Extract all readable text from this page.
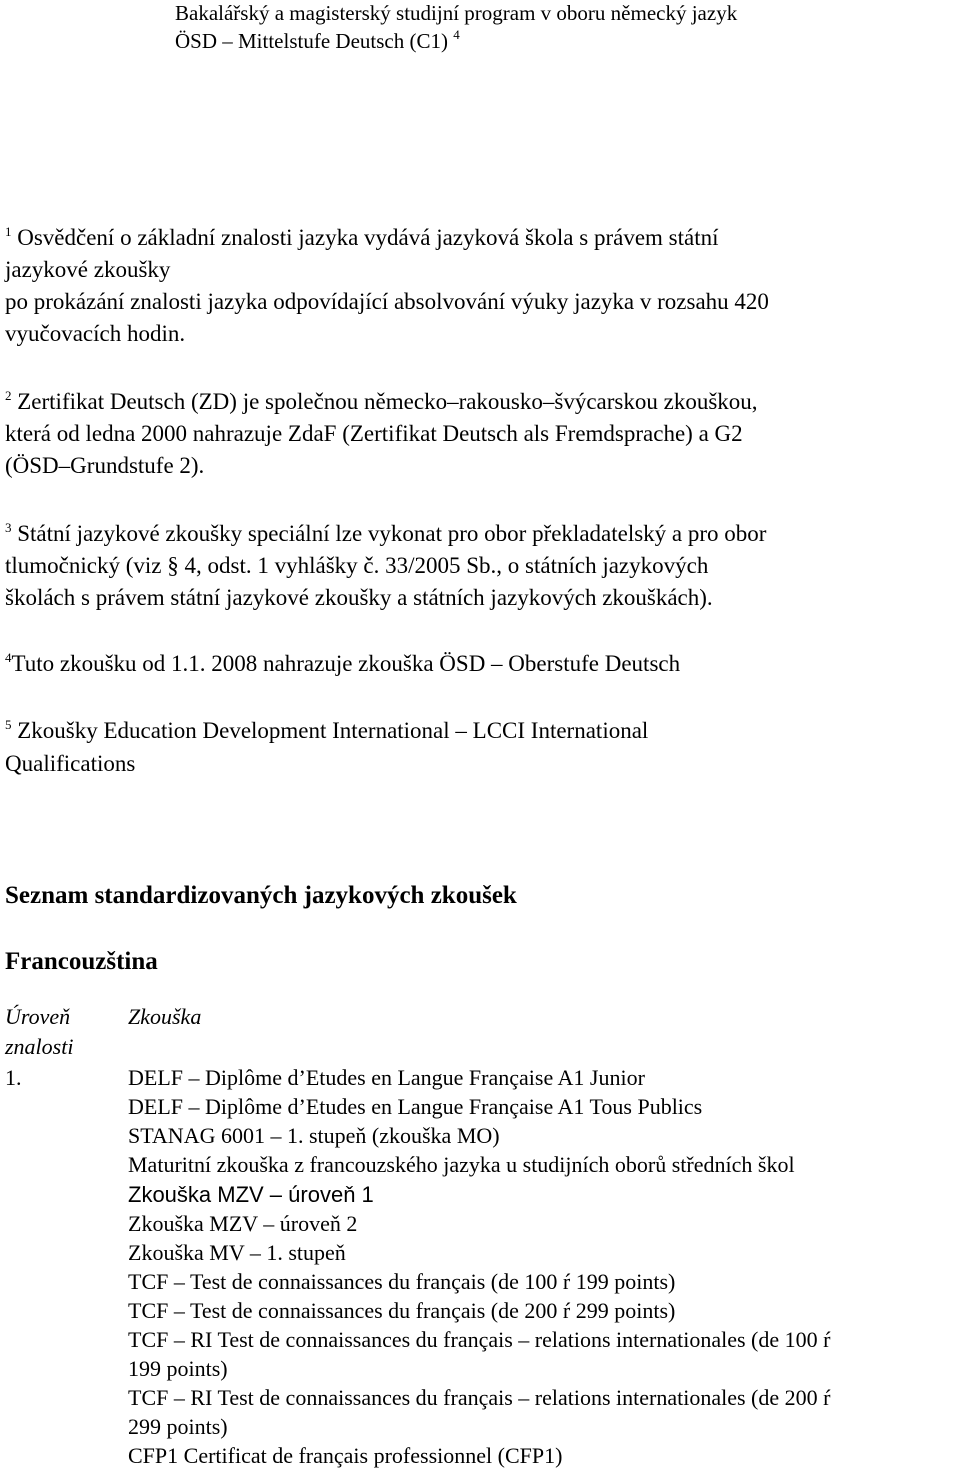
Bakalářský a magisterský studijní program v oboru německý jazyk
ÖSD – Mittelstufe Deutsch (C1) $^4$
$^1$ Osvědčení o základní znalosti jazyka vydává jazyková škola s právem státní
jazykové zkoušky
po prokázání znalosti jazyka odpovídající absolvování výuky jazyka v rozsahu 420
vyučovacích hodin.
$^2$ Zertifikat Deutsch (ZD) je společnou německo–rakousko–švýcarskou zkouškou,
která od ledna 2000 nahrazuje ZdaF (Zertifikat Deutsch als Fremdsprache) a G2
(ÖSD–Grundstufe 2).
$^3$ Státní jazykové zkoušky speciální lze vykonat pro obor překladatelský a pro obor
tlumočnický (viz § 4, odst. 1 vyhlášky č. 33/2005 Sb., o státních jazykových
školách s právem státní jazykové zkoušky a státních jazykových zkouškách).
$^4$Tuto zkoušku od 1.1. 2008 nahrazuje zkouška ÖSD – Oberstufe Deutsch
$^5$ Zkoušky Education Development International – LCCI International
Qualifications
Seznam standardizovaných jazykových zkoušek
Francouzština
Úroveň
znalosti
Zkouška
1.	DELF – Diplôme d’Etudes en Langue Française A1 Junior
DELF – Diplôme d’Etudes en Langue Française A1 Tous Publics
STANAG 6001 – 1. stupeň (zkouška MO)
Maturitní zkouška z francouzského jazyka u studijních oborů středních škol
Zkouška MZV – úroveň 1
Zkouška MZV – úroveň 2
Zkouška MV – 1. stupeň
TCF – Test de connaissances du français (de 100 ŕ 199 points)
TCF – Test de connaissances du français (de 200 ŕ 299 points)
TCF – RI Test de connaissances du français – relations internationales (de 100 ŕ
199 points)
TCF – RI Test de connaissances du français – relations internationales (de 200 ŕ
299 points)
CFP1 Certificat de français professionnel (CFP1)
